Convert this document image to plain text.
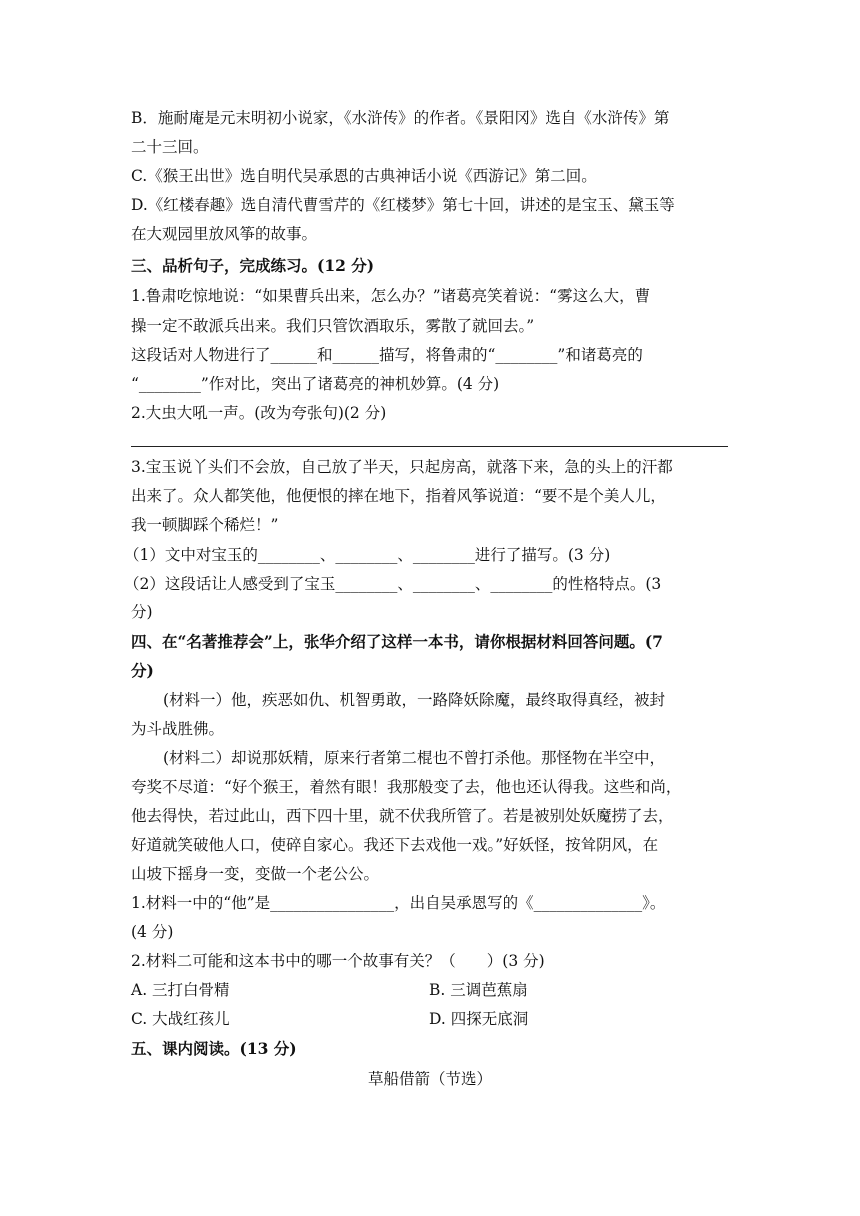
B．施耐庵是元末明初小说家，《水浒传》的作者。《景阳冈》选自《水浒传》第
二十三回。
C.《猴王出世》选自明代吴承恩的古典神话小说《西游记》第二回。
D.《红楼春趣》选自清代曹雪芹的《红楼梦》第七十回，讲述的是宝玉、黛玉等
在大观园里放风筝的故事。
三、品析句子，完成练习。(12 分)
1.鲁肃吃惊地说：“如果曹兵出来，怎么办？”诸葛亮笑着说：“雾这么大，曹
操一定不敢派兵出来。我们只管饮酒取乐，雾散了就回去。”
这段话对人物进行了______和______描写，将鲁肃的“________”和诸葛亮的
“________”作对比，突出了诸葛亮的神机妙算。(4 分)
2.大虫大吼一声。(改为夸张句)(2 分)
3.宝玉说丫头们不会放，自己放了半天，只起房高，就落下来，急的头上的汗都
出来了。众人都笑他，他便恨的摔在地下，指着风筝说道：“要不是个美人儿，
我一顿脚踩个稀烂！”
（1）文中对宝玉的________、________、________进行了描写。(3 分)
（2）这段话让人感受到了宝玉________、________、________的性格特点。(3
分)
四、在“名著推荐会”上，张华介绍了这样一本书，请你根据材料回答问题。(7
分)
(材料一）他，疾恶如仇、机智勇敢，一路降妖除魔，最终取得真经，被封
为斗战胜佛。
(材料二）却说那妖精，原来行者第二棍也不曾打杀他。那怪物在半空中，
夸奖不尽道：“好个猴王，着然有眼！我那般变了去，他也还认得我。这些和尚，
他去得快，若过此山，西下四十里，就不伏我所管了。若是被别处妖魔捞了去，
好道就笑破他人口，使碎自家心。我还下去戏他一戏。”好妖怪，按耸阴风，在
山坡下摇身一变，变做一个老公公。
1.材料一中的“他”是________________，出自吴承恩写的《______________》。
(4 分)
2.材料二可能和这本书中的哪一个故事有关？（　　）(3 分)
A. 三打白骨精	B. 三调芭蕉扇
C. 大战红孩儿	D. 四探无底洞
五、课内阅读。(13 分)
草船借箭（节选）
